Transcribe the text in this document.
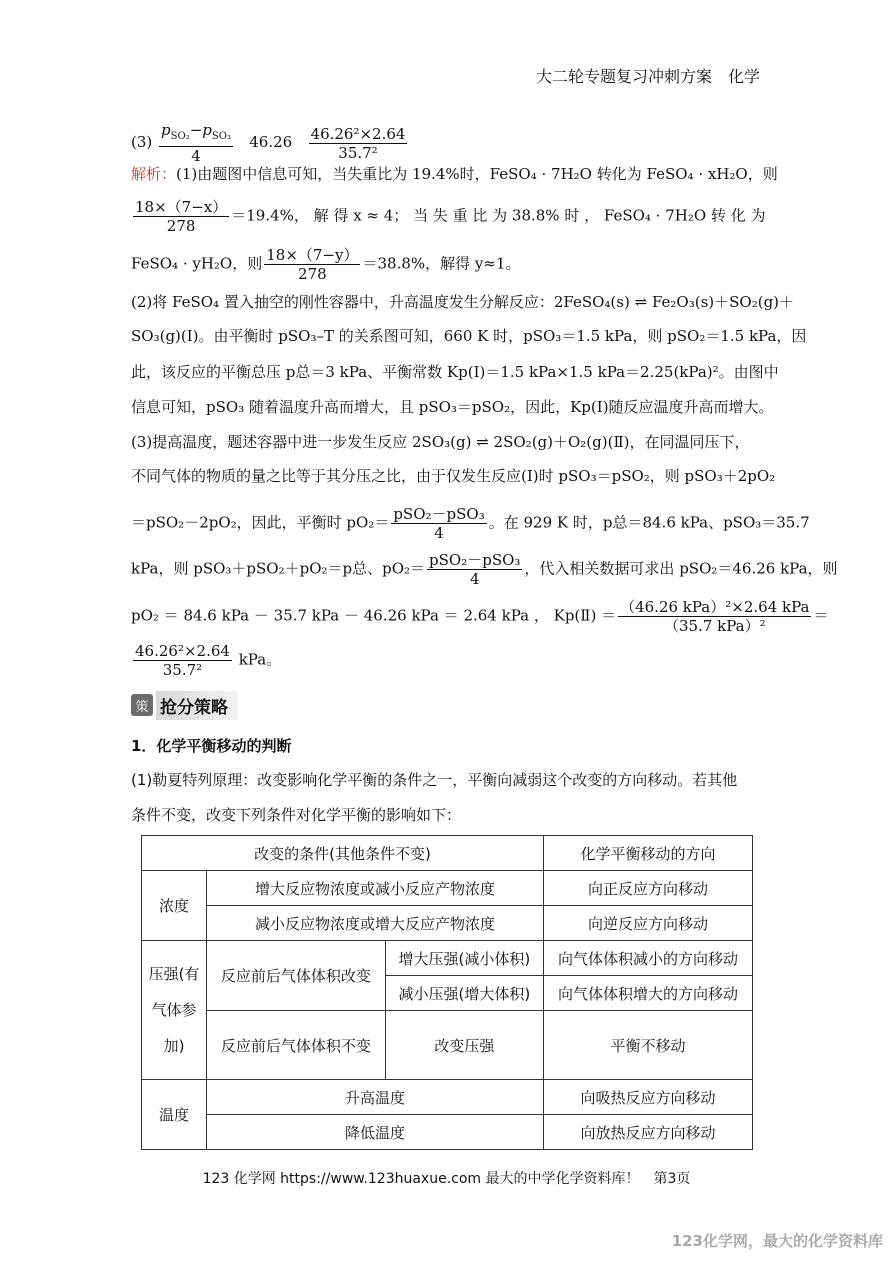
大二轮专题复习冲刺方案　化学
$(3) \frac{p_{SO_2}-p_{SO_3}}{4} 46.26 \frac{\text{46.26²×2.64}}{\text{35.7²}}$
解析：(1)由题图中信息可知，当失重比为 19.4%时，FeSO₄ · 7H₂O 转化为 FeSO₄ · xH₂O，则
$\frac{18\times(7-x)}{278} =19.4\%$， 解 得 x ≈ 4； 当 失 重 比 为 38.8% 时 ， FeSO₄ · 7H₂O 转 化 为
FeSO₄ · yH₂O，则 $\frac{18\times(7-y)}{278} =38.8\%$，解得 y≈1。
(2)将 FeSO₄ 置入抽空的刚性容器中，升高温度发生分解反应：2FeSO₄(s) ⇌ Fe₂O₃(s)＋SO₂(g)＋
SO₃(g)(Ⅰ)。由平衡时 pSO₃–T 的关系图可知，660 K 时，pSO₃＝1.5 kPa，则 pSO₂＝1.5 kPa，因
此，该反应的平衡总压 p总＝3 kPa、平衡常数 Kp(Ⅰ)＝1.5 kPa×1.5 kPa＝2.25(kPa)²。由图中
信息可知，pSO₃ 随着温度升高而增大，且 pSO₃＝pSO₂，因此，Kp(Ⅰ)随反应温度升高而增大。
(3)提高温度，题述容器中进一步发生反应 2SO₃(g) ⇌ 2SO₂(g)＋O₂(g)(Ⅱ)，在同温同压下，
不同气体的物质的量之比等于其分压之比，由于仅发生反应(Ⅰ)时 pSO₃＝pSO₂，则 pSO₃＋2pO₂
＝pSO₂－2pO₂，因此，平衡时 $pO_2= \frac{\text{pSO₂－pSO₃}}{4}$ 。在 929 K 时，p总＝84.6 kPa、pSO₃＝35.7
kPa，则 pSO₃＋pSO₂＋pO₂＝p总、$pO_2= \frac{\text{pSO₂－pSO₃}}{4}$ ，代入相关数据可求出 pSO₂＝46.26 kPa，则
pO₂ ＝ 84.6 kPa － 35.7 kPa － 46.26 kPa ＝ 2.64 kPa ， Kp(Ⅱ) ＝ $\frac{\text{（46.26 kPa）²×2.64 kPa}}{\text{（35.7 kPa）²}}$ ＝
$\frac{\text{46.26²×2.64}}{\text{35.7²}}$ kPa。
策 抢分策略
1．化学平衡移动的判断
(1)勒夏特列原理：改变影响化学平衡的条件之一，平衡向减弱这个改变的方向移动。若其他
条件不变，改变下列条件对化学平衡的影响如下：
改变的条件(其他条件不变)			化学平衡移动的方向
浓度	增大反应物浓度或减小反应产物浓度		向正反应方向移动
	减小反应物浓度或增大反应产物浓度		向逆反应方向移动
压强(有气体参加)	反应前后气体体积改变	增大压强(减小体积)	向气体体积减小的方向移动
		减小压强(增大体积)	向气体体积增大的方向移动
	反应前后气体体积不变	改变压强	平衡不移动
温度	升高温度		向吸热反应方向移动
	降低温度		向放热反应方向移动
123 化学网 https://www.123huaxue.com 最大的中学化学资料库！　第3页
123化学网，最大的化学资料库
